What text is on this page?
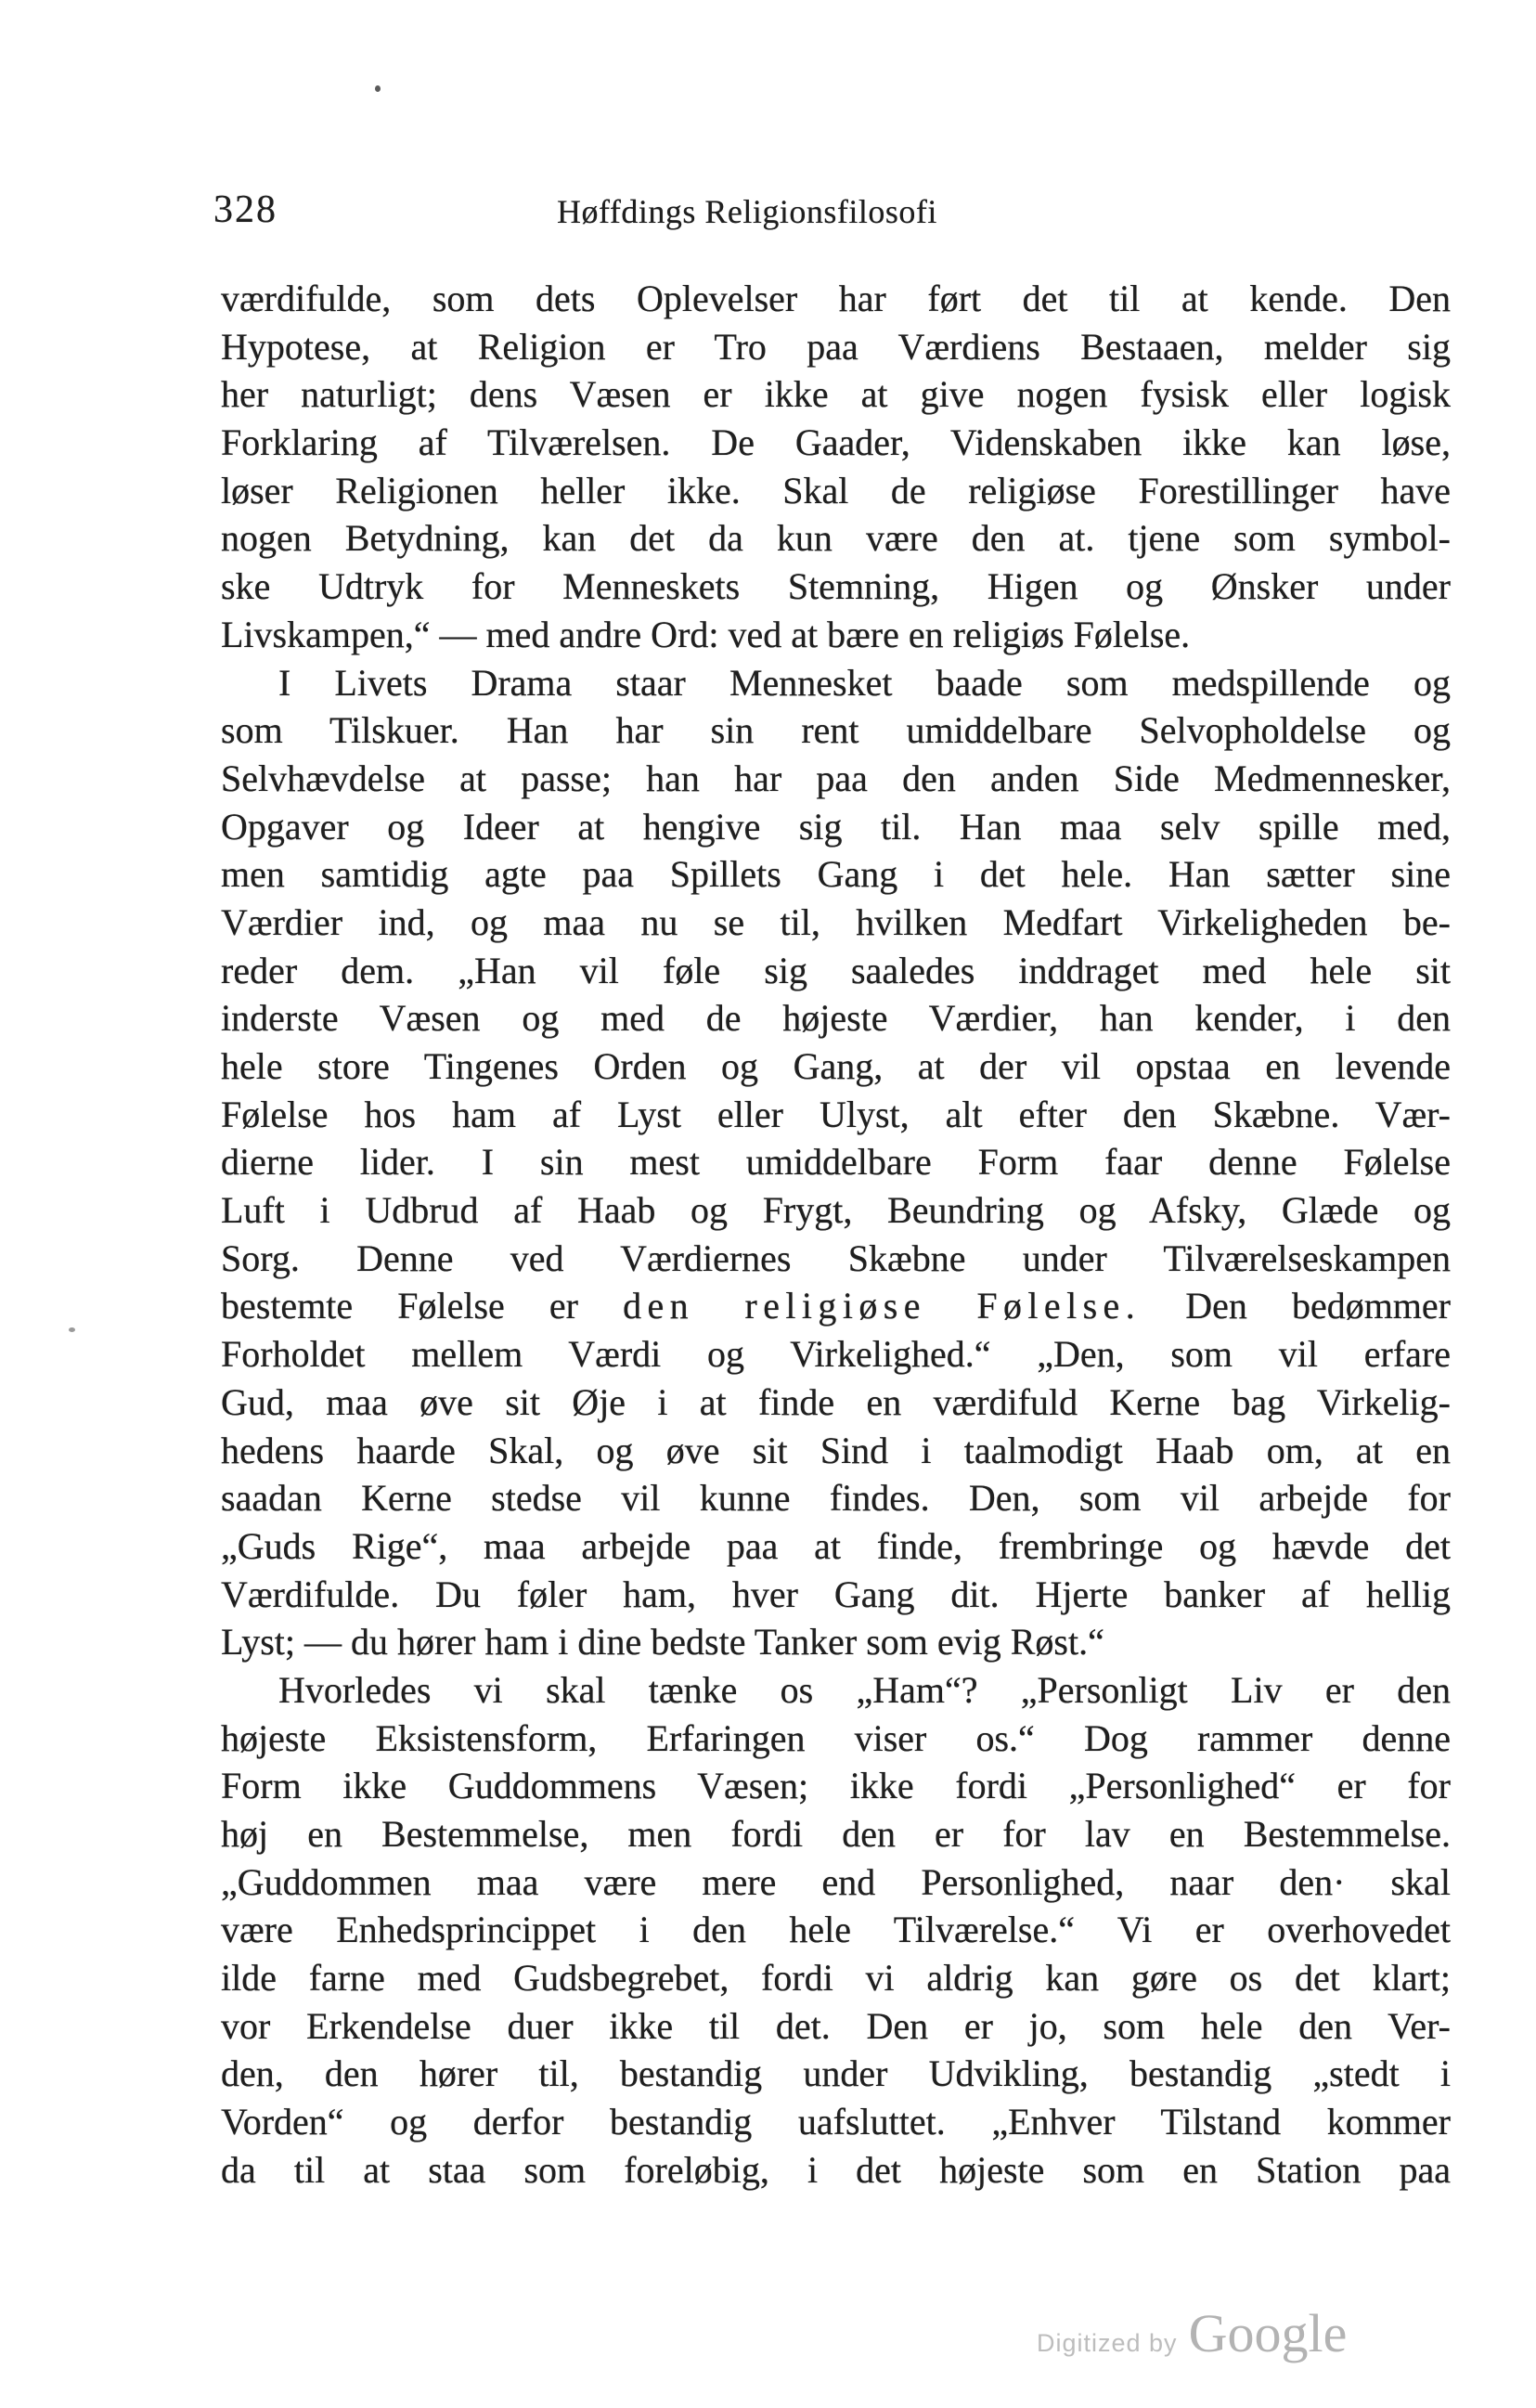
328	Høffdings Religionsfilosofi
værdifulde, som dets Oplevelser har ført det til at kende. Den
Hypotese, at Religion er Tro paa Værdiens Bestaaen, melder sig
her naturligt; dens Væsen er ikke at give nogen fysisk eller logisk
Forklaring af Tilværelsen. De Gaader, Videnskaben ikke kan løse,
løser Religionen heller ikke. Skal de religiøse Forestillinger have
nogen Betydning, kan det da kun være den at. tjene som symbol-
ske Udtryk for Menneskets Stemning, Higen og Ønsker under
Livskampen,“ — med andre Ord: ved at bære en religiøs Følelse.
I Livets Drama staar Mennesket baade som medspillende og
som Tilskuer. Han har sin rent umiddelbare Selvopholdelse og
Selvhævdelse at passe; han har paa den anden Side Medmennesker,
Opgaver og Ideer at hengive sig til. Han maa selv spille med,
men samtidig agte paa Spillets Gang i det hele. Han sætter sine
Værdier ind, og maa nu se til, hvilken Medfart Virkeligheden be-
reder dem. „Han vil føle sig saaledes inddraget med hele sit
inderste Væsen og med de højeste Værdier, han kender, i den
hele store Tingenes Orden og Gang, at der vil opstaa en levende
Følelse hos ham af Lyst eller Ulyst, alt efter den Skæbne. Vær-
dierne lider. I sin mest umiddelbare Form faar denne Følelse
Luft i Udbrud af Haab og Frygt, Beundring og Afsky, Glæde og
Sorg. Denne ved Værdiernes Skæbne under Tilværelseskampen
bestemte Følelse er den religiøse Følelse. Den bedømmer
Forholdet mellem Værdi og Virkelighed.“ „Den, som vil erfare
Gud, maa øve sit Øje i at finde en værdifuld Kerne bag Virkelig-
hedens haarde Skal, og øve sit Sind i taalmodigt Haab om, at en
saadan Kerne stedse vil kunne findes. Den, som vil arbejde for
„Guds Rige“, maa arbejde paa at finde, frembringe og hævde det
Værdifulde. Du føler ham, hver Gang dit. Hjerte banker af hellig
Lyst; — du hører ham i dine bedste Tanker som evig Røst.“
Hvorledes vi skal tænke os „Ham“? „Personligt Liv er den
højeste Eksistensform, Erfaringen viser os.“ Dog rammer denne
Form ikke Guddommens Væsen; ikke fordi „Personlighed“ er for
høj en Bestemmelse, men fordi den er for lav en Bestemmelse.
„Guddommen maa være mere end Personlighed, naar den· skal
være Enhedsprincippet i den hele Tilværelse.“ Vi er overhovedet
ilde farne med Gudsbegrebet, fordi vi aldrig kan gøre os det klart;
vor Erkendelse duer ikke til det. Den er jo, som hele den Ver-
den, den hører til, bestandig under Udvikling, bestandig „stedt i
Vorden“ og derfor bestandig uafsluttet. „Enhver Tilstand kommer
da til at staa som foreløbig, i det højeste som en Station paa
Digitized by Google
